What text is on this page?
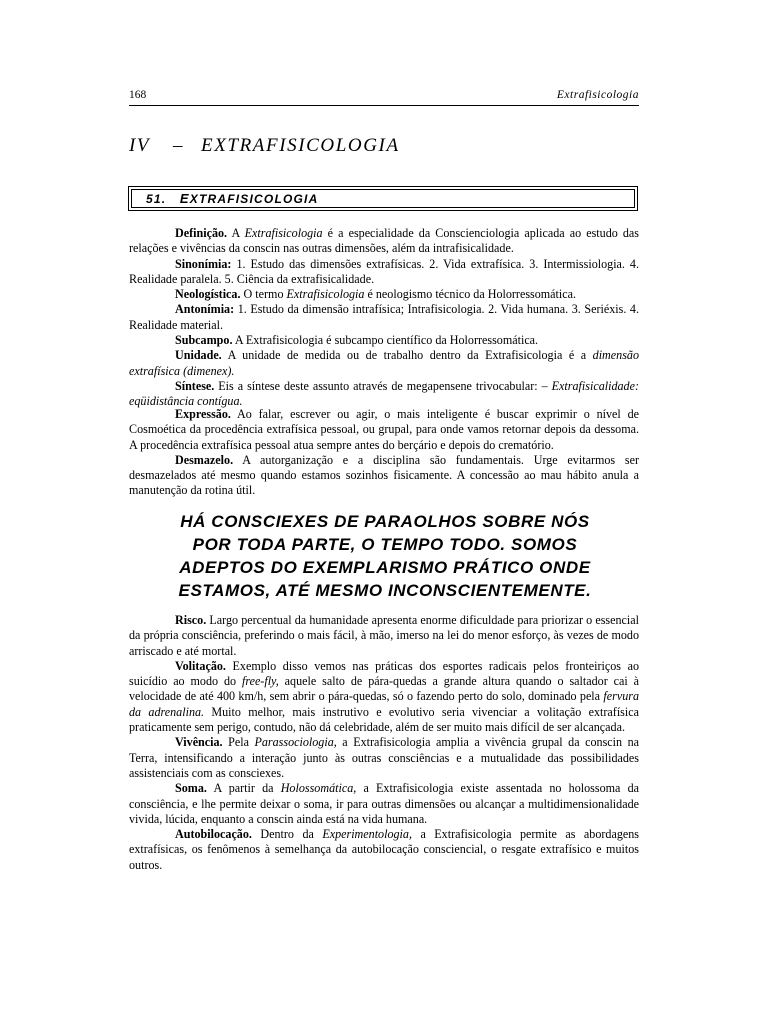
168	Extrafisicologia
IV – EXTRAFISICOLOGIA
51. EXTRAFISICOLOGIA

Definição. A Extrafisicologia é a especialidade da Conscienciologia aplicada ao estudo das relações e vivências da conscin nas outras dimensões, além da intrafisicalidade.

Sinonímia: 1. Estudo das dimensões extrafísicas. 2. Vida extrafísica. 3. Intermissiologia. 4. Realidade paralela. 5. Ciência da extrafisicalidade.

Neologística. O termo Extrafisicologia é neologismo técnico da Holorressomática.

Antonímia: 1. Estudo da dimensão intrafísica; Intrafisicologia. 2. Vida humana. 3. Seriéxis. 4. Realidade material.

Subcampo. A Extrafisicologia é subcampo científico da Holorressomática.

Unidade. A unidade de medida ou de trabalho dentro da Extrafisicologia é a dimensão extrafísica (dimenex).

Síntese. Eis a síntese deste assunto através de megapensene trivocabular: – Extrafisicalidade: eqüidistância contígua.

Expressão. Ao falar, escrever ou agir, o mais inteligente é buscar exprimir o nível de Cosmoética da procedência extrafísica pessoal, ou grupal, para onde vamos retornar depois da dessoma. A procedência extrafísica pessoal atua sempre antes do berçário e depois do crematório.

Desmazelo. A autorganização e a disciplina são fundamentais. Urge evitarmos ser desmazelados até mesmo quando estamos sozinhos fisicamente. A concessão ao mau hábito anula a manutenção da rotina útil.

HÁ CONSCIEXES DE PARAOLHOS SOBRE NÓS
POR TODA PARTE, O TEMPO TODO. SOMOS
ADEPTOS DO EXEMPLARISMO PRÁTICO ONDE
ESTAMOS, ATÉ MESMO INCONSCIENTEMENTE.

Risco. Largo percentual da humanidade apresenta enorme dificuldade para priorizar o essencial da própria consciência, preferindo o mais fácil, à mão, imerso na lei do menor esforço, às vezes de modo arriscado e até mortal.

Volitação. Exemplo disso vemos nas práticas dos esportes radicais pelos fronteiriços ao suicídio ao modo do free-fly, aquele salto de pára-quedas a grande altura quando o saltador cai à velocidade de até 400 km/h, sem abrir o pára-quedas, só o fazendo perto do solo, dominado pela fervura da adrenalina. Muito melhor, mais instrutivo e evolutivo seria vivenciar a volitação extrafísica praticamente sem perigo, contudo, não dá celebridade, além de ser muito mais difícil de ser alcançada.

Vivência. Pela Parassociologia, a Extrafisicologia amplia a vivência grupal da conscin na Terra, intensificando a interação junto às outras consciências e a mutualidade das possibilidades assistenciais com as consciexes.

Soma. A partir da Holossomática, a Extrafisicologia existe assentada no holossoma da consciência, e lhe permite deixar o soma, ir para outras dimensões ou alcançar a multidimensionalidade vivida, lúcida, enquanto a conscin ainda está na vida humana.

Autobilocação. Dentro da Experimentologia, a Extrafisicologia permite as abordagens extrafísicas, os fenômenos à semelhança da autobilocação consciencial, o resgate extrafísico e muitos outros.
